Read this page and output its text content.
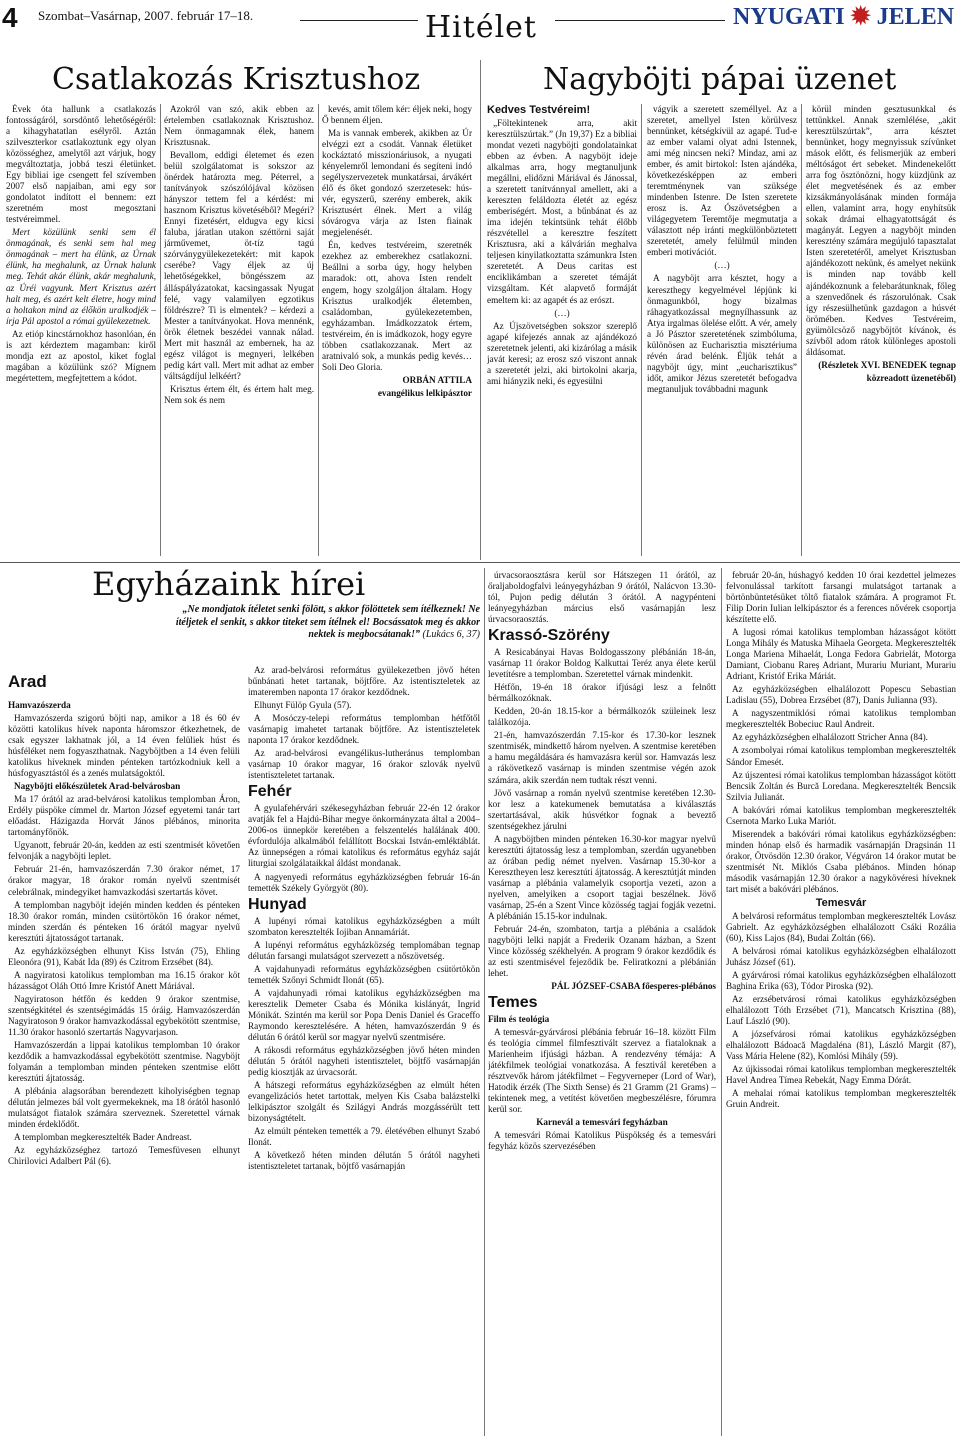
4 Szombat–Vasárnap, 2007. február 17–18.	Hitélet	NYUGATI ✹ JELEN
Csatlakozás Krisztushoz

Évek óta hallunk a csatlakozás fontosságáról, sorsdöntő lehetőségéről: a kihagyhatatlan esélyről. Aztán szilveszterkor csatlakoztunk egy olyan közösséghez, amelytől azt várjuk, hogy megváltoztatja, jobbá teszi életünket. Egy bibliai ige csengett fel szívemben 2007 első napjaiban, ami egy sor gondolatot indított el bennem: ezt szeretném most megosztani testvéreimmel.

Mert közülünk senki sem él önmagának, és senki sem hal meg önmagának – mert ha élünk, az Úrnak élünk, ha meghalunk, az Úrnak halunk meg. Tehát akár élünk, akár meghalunk, az Úréi vagyunk. Mert Krisztus azért halt meg, és azért kelt életre, hogy mind a holtakon mind az élőkön uralkodjék – írja Pál apostol a római gyülekezetnek.

Az etióp kincstárnokhoz hasonlóan, én is azt kérdeztem magamban: kiről mondja ezt az apostol, kiket foglal magában a közülünk szó? Mígnem megértettem, megfejtettem a kódot.

Azokról van szó, akik ebben az értelemben csatlakoznak Krisztushoz. Nem önmagamnak élek, hanem Krisztusnak.

Bevallom, eddigi életemet és ezen belül szolgálatomat is sokszor az önérdek határozta meg. Péterrel, a tanítványok szószólójával közösen hányszor tettem fel a kérdést: mi hasznom Krisztus követéséből? Megéri? Ennyi fizetésért, eldugva egy kicsi faluba, járatlan utakon széttörni saját járművemet, öt-tíz tagú szórványgyülekezetekért: mit kapok cserébe? Vagy éljek az új lehetőségekkel, böngésszem az álláspályázatokat, kacsingassak Nyugat felé, vagy valamilyen egzotikus földrészre? Ti is elmentek? – kérdezi a Mester a tanítványokat. Hova mennénk, örök életnek beszédei vannak nálad. Mert mit használ az embernek, ha az egész világot is megnyeri, lelkében pedig kárt vall. Mert mit adhat az ember váltságdíjul lelkéért?

Krisztus értem élt, és értem halt meg. Nem sok és nem

kevés, amit tőlem kér: éljek neki, hogy Ő bennem éljen.

Ma is vannak emberek, akikben az Úr elvégzi ezt a csodát. Vannak életüket kockáztató misszionáriusok, a nyugati kényelemről lemondani és segíteni indó segélyszervezetek munkatársai, árvákért élő és őket gondozó szerzetesek: hús-vér, egyszerű, szerény emberek, akik Krisztusért élnek. Mert a világ sóvárogva várja az Isten fiainak megjelenését.

Én, kedves testvéreim, szeretnék ezekhez az emberekhez csatlakozni. Beállni a sorba úgy, hogy helyben maradok: ott, ahova Isten rendelt engem, hogy szolgáljon általam. Hogy Krisztus uralkodjék életemben, családomban, gyülekezetemben, egyházamban. Imádkozzatok értem, testvéreim, én is imádkozok, hogy egyre többen csatlakozzanak. Mert az aratnivaló sok, a munkás pedig kevés… Soli Deo Gloria.

ORBÁN ATTILA

evangélikus lelkipásztor

Nagyböjti pápai üzenet

Kedves Testvéreim!

„Föltekintenek arra, akit keresztülszúrtak.” (Jn 19,37) Ez a bibliai mondat vezeti nagyböjti gondolatainkat ebben az évben. A nagyböjt ideje alkalmas arra, hogy megtanuljunk megállni, elidőzni Máriával és Jánossal, a szeretett tanítvánnyal amellett, aki a kereszten feláldozta életét az egész emberiségért. Most, a bűnbánat és az ima idején tekintsünk tehát élőbb részvétellel a keresztre feszített Krisztusra, aki a kálvárián meghalva teljesen kinyilatkoztatta számunkra Isten szeretetét. A Deus caritas est enciklikámban a szeretet témáját vizsgáltam. Két alapvető formáját emeltem ki: az agapét és az erószt.

(…)

Az Újszövetségben sokszor szereplő agapé kifejezés annak az ajándékozó szeretetnek jelenti, aki kizárólag a másik javát keresi; az erosz szó viszont annak a szeretetét jelzi, aki birtokolni akarja, ami hiányzik neki, és egyesülni

vágyik a szeretett személlyel. Az a szeretet, amellyel Isten körülvesz bennünket, kétségkívül az agapé. Tud-e az ember valami olyat adni Istennek, ami még nincsen neki? Mindaz, ami az ember, és amit birtokol: Isten ajándéka, következésképpen az emberi teremtménynek van szüksége mindenben Istenre. De Isten szeretete erosz is. Az Ószövetségben a világegyetem Teremtője megmutatja a választott nép iránti megkülönböztetett szeretetét, amely felülmúl minden emberi motivációt.

(…)

A nagyböjt arra késztet, hogy a kereszthegy kegyelmével lépjünk ki önmagunkból, hogy bizalmas ráhagyatkozással megnyílhassunk az Atya irgalmas ölelése előtt. A vér, amely a Jó Pásztor szeretetének szimbóluma, különösen az Eucharisztia misztériuma révén árad belénk. Éljük tehát a nagyböjt úgy, mint „eucharisztikus” időt, amikor Jézus szeretetét befogadva megtanuljuk továbbadni magunk

körül minden gesztusunkkal és tettünkkel. Annak szemlélése, „akit keresztülszúrtak”, arra késztet bennünket, hogy megnyissuk szívünket mások előtt, és felismerjük az emberi méltóságot ért sebeket. Mindenekelőtt arra fog ösztönözni, hogy küzdjünk az élet megvetésének és az ember kizsákmányolásának minden formája ellen, valamint arra, hogy enyhítsük sokak drámai elhagyatottságát és magányát. Legyen a nagyböjt minden keresztény számára megújuló tapasztalat Isten szeretetéről, amelyet Krisztusban ajándékozott nekünk, és amelyet nekünk is minden nap tovább kell ajándékoznunk a felebarátunknak, főleg a szenvedőnek és rászorulónak. Csak így részesülhetünk gazdagon a húsvét örömében. Kedves Testvéreim, gyümölcsöző nagyböjtöt kívánok, és szívből adom rátok különleges apostoli áldásomat.

(Részletek XVI. BENEDEK tegnap

közreadott üzenetéből)

Egyházaink hírei
„Ne mondjatok ítéletet senki fölött, s akkor fölöttetek sem ítélkeznek! Ne ítéljetek el senkit, s akkor titeket sem ítélnek el! Bocsássatok meg és akkor nektek is megbocsátanak!” (Lukács 6, 37)
Arad

Hamvazószerda

Hamvazószerda szigorú böjti nap, amikor a 18 és 60 év közötti katolikus hívek naponta háromszor étkezhetnek, de csak egyszer lakhatnak jól, a 14 éven felüliek húst és húsféléket nem fogyaszthatnak. Nagyböjtben a 14 éven felüli katolikus híveknek minden pénteken tartózkodniuk kell a húsfogyasztástól és a zenés mulatságoktól.

Nagyböjti előkészületek Arad-belvárosban

Ma 17 órától az arad-belvárosi katolikus templomban Áron, Erdély püspöke címmel dr. Marton József egyetemi tanár tart előadást. Házigazda Horvát János plébános, minorita tartományfőnök.

Ugyanott, február 20-án, kedden az esti szentmisét követően felvonják a nagyböjti leplet.

Február 21-én, hamvazószerdán 7.30 órakor német, 17 órakor magyar, 18 órakor román nyelvű szentmisét celebrálnak, mindegyiket hamvazkodási szertartás követ.

A templomban nagyböjt idején minden kedden és pénteken 18.30 órakor román, minden csütörtökön 16 órakor német, minden szerdán és pénteken 16 órától magyar nyelvű keresztúti ájtatosságot tartanak.

Az egyházközségben elhunyt Kiss István (75), Ehling Eleonóra (91), Kabát Ida (89) és Czitrom Erzsébet (84).

A nagyiratosi katolikus templomban ma 16.15 órakor köt házasságot Oláh Ottó Imre Kristóf Anett Máriával.

Nagyiratoson hétfőn és kedden 9 órakor szentmise, szentségkitétel és szentségimádás 15 óráig. Hamvazószerdán Nagyiratoson 9 órakor hamvazkodással egybekötött szentmise, 11.30 órakor hasonló szertartás Nagyvarjason.

Hamvazószerdán a lippai katolikus templomban 10 órakor kezdődik a hamvazkodással egybekötött szentmise. Nagyböjt folyamán a templomban minden pénteken szentmise előtt keresztúti ájtatosság.

A plébánia alagsorában berendezett kiholyiségben tegnap délután jelmezes bál volt gyermekeknek, ma 18 órától hasonló mulatságot fiatalok számára szerveznek. Szeretettel várnak minden érdeklődőt.

A templomban megkeresztelték Bader Andreast.

Az egyházközséghez tartozó Temesfüvesen elhunyt Chirilovici Adalbert Pál (6).

Az arad-belvárosi református gyülekezetben jövő héten bűnbánati hetet tartanak, böjtfőre. Az istentiszteletek az imateremben naponta 17 órakor kezdődnek.

Elhunyt Fülöp Gyula (57).

A Mosóczy-telepi református templomban hétfőtől vasárnapig imahetet tartanak böjtfőre. Az istentiszteletek naponta 17 órakor kezdődnek.

Az arad-belvárosi evangélikus-lutheránus templomban vasárnap 10 órakor magyar, 16 órakor szlovák nyelvű istentiszteletet tartanak.

Fehér

A gyulafehérvári székesegyházban február 22-én 12 órakor avatják fel a Hajdú-Bihar megye önkormányzata által a 2004–2006-os ünnepkör keretében a felszentelés halálának 400. évfordulója alkalmából felállított Bocskai István-emléktáblát. Az ünnepségen a római katolikus és református egyház saját liturgiai szolgálataikkal áldást mondanak.

A nagyenyedi református egyházközségben február 16-án temették Székely Györgyöt (80).

Hunyad

A lupényi római katolikus egyházközségben a múlt szombaton keresztelték Iojiban Annamáriát.

A lupényi református egyházközség templomában tegnap délután farsangi mulatságot szervezett a nőszövetség.

A vajdahunyadi református egyházközségben csütörtökön temették Szőnyi Schmidt Ilonát (65).

A vajdahunyadi római katolikus egyházközségben ma keresztelik Demeter Csaba és Mónika kislányát, Ingrid Mónikát. Szintén ma kerül sor Popa Denis Daniel és Graceffo Raymondo keresztelésére. A héten, hamvazószerdán 9 és délután 6 órától kerül sor magyar nyelvű szentmisére.

A rákosdi református egyházközségben jövő héten minden délután 5 órától nagyheti istentisztelet, böjtfő vasárnapján pedig kiosztják az úrvacsorát.

A hátszegi református egyházközségben az elmúlt héten evangelizációs hetet tartottak, melyen Kis Csaba balázstelki lelkipásztor szolgált és Szilágyi András mozgássérült tett bizonyságtételt.

Az elmúlt pénteken temették a 79. életévében elhunyt Szabó Ilonát.

A következő héten minden délután 5 órától nagyheti istentiszteletet tartanak, böjtfő vasárnapján

úrvacsoraosztásra kerül sor Hátszegen 11 órától, az őraljaboldogfalvi leányegyházban 9 órától, Nalácvon 13.30-tól, Pujon pedig délután 3 órától. A nagypénteni leányegyházban március első vasárnapján lesz úrvacsoraosztás.

Krassó-Szörény

A Resicabányai Havas Boldogasszony plébánián 18-án, vasárnap 11 órakor Boldog Kalkuttai Teréz anya élete kerül levetítésre a templomban. Szeretettel várnak mindenkit.

Hétfőn, 19-én 18 órakor ifjúsági lesz a felnőtt bérmálkozóknak.

Kedden, 20-án 18.15-kor a bérmálkozók szüleinek lesz találkozója.

21-én, hamvazószerdán 7.15-kor és 17.30-kor lesznek szentmisék, mindkettő három nyelven. A szentmise keretében a hamu megáldására és hamvazásra kerül sor. Hamvazás lesz a rákövetkező vasárnap is minden szentmise végén azok számára, akik szerdán nem tudtak részt venni.

Jövő vasárnap a román nyelvű szentmise keretében 12.30-kor lesz a katekumenek bemutatása a kiválasztás szertartásával, akik húsvétkor fognak a beveztő szentségekhez járulni

A nagyböjtben minden pénteken 16.30-kor magyar nyelvű keresztúti ájtatosság lesz a templomban, szerdán ugyanebben az órában pedig német nyelven. Vasárnap 15.30-kor a Keresztheyen lesz keresztúti ájtatosság. A keresztútját minden vasárnap a plébánia valamelyik csoportja vezeti, azon a nyelven, amelyiken a csoport tagjai beszélnek. Jövő vasárnap, 25-én a Szent Vince közösség tagjai fogják vezetni. A plébánián 15.15-kor indulnak.

Február 24-én, szombaton, tartja a plébánia a családok nagyböjti lelki napját a Frederik Ozanam házban, a Szent Vince közösség székhelyén. A program 9 órakor kezdődik és az esti szentmisével fejeződik be. Feliratkozni a plébánián lehet.

PÁL JÓZSEF-CSABA főesperes-plébános

Temes

Film és teológia

A temesvár-gyárvárosi plébánia február 16–18. között Film és teológia címmel filmfesztivált szervez a fiataloknak a Marienheim ifjúsági házban. A rendezvény témája: A játékfilmek teológiai vonatkozása. A fesztivál keretében a résztvevők három játékfilmet – Fegyverneper (Lord of War), Hatodik érzék (The Sixth Sense) és 21 Gramm (21 Grams) – tekintenek meg, a vetítést követően megbeszélésre, fórumra kerül sor.

Karnevál a temesvári fegyházban

A temesvári Római Katolikus Püspökség és a temesvári fegyház közös szervezésében

február 20-án, húshagyó kedden 10 órai kezdettel jelmezes felvonulással tarkított farsangi mulatságot tartanak a börtönbüntetésüket töltő fiatalok számára. A programot Ft. Filip Dorin Iulian lelkipásztor és a ferences nővérek csoportja készítette elő.

A lugosi római katolikus templomban házasságot kötött Longa Mihály és Matuska Mihaela Georgeta. Megkeresztelték Longa Mariena Mihaelát, Longa Fedora Gabrielát, Motorga Damiant, Ciobanu Rareș Adriant, Murariu Muriant, Murariu Adriant, Kristóf Erika Máriát.

Az egyházközségben elhalálozott Popescu Sebastian Ladislau (55), Dobrea Erzsébet (87), Danis Julianna (93).

A nagyszentmiklósi római katolikus templomban megkeresztelték Bobeciuc Raul Andreit.

Az egyházközségben elhalálozott Stricher Anna (84).

A zsombolyai római katolikus templomban megkeresztelték Sándor Emesét.

Az újszentesi római katolikus templomban házasságot kötött Bencsik Zoltán és Burcă Loredana. Megkeresztelték Bencsik Szilvia Julianát.

A bakóvári római katolikus templomban megkeresztelték Csernota Marko Luka Mariót.

Miserendek a bakóvári római katolikus egyházközségben: minden hónap első és harmadik vasárnapján Dragsinán 11 órakor, Ötvösdön 12.30 órakor, Végváron 14 órakor mutat be szentmisét Nt. Miklós Csaba plébános. Minden hónap második vasárnapján 12.30 órakor a nagykövéresi híveknek tart misét a bakóvári plébános.

Temesvár

A belvárosi református templomban megkeresztelték Lovász Gabrielt. Az egyházközségben elhalálozott Csáki Rozália (60), Kiss Lajos (84), Budai Zoltán (66).

A belvárosi római katolikus egyházközségben elhalálozott Juhász József (61).

A gyárvárosi római katolikus egyházközségben elhalálozott Baghina Erika (63), Tódor Piroska (92).

Az erzsébetvárosi római katolikus egyházközségben elhalálozott Tóth Erzsébet (71), Mancatsch Krisztina (88), Lauf László (90).

A józsefvárosi római katolikus egyházközségben elhalálozott Bádoacă Magdaléna (81), László Margit (87), Vass Mária Helene (82), Komlósi Mihály (59).

Az újkissodai római katolikus templomban megkeresztelték Havel Andrea Tímea Rebekát, Nagy Emma Dórát.

A mehalai római katolikus templomban megkeresztelték Gruin Andreit.
